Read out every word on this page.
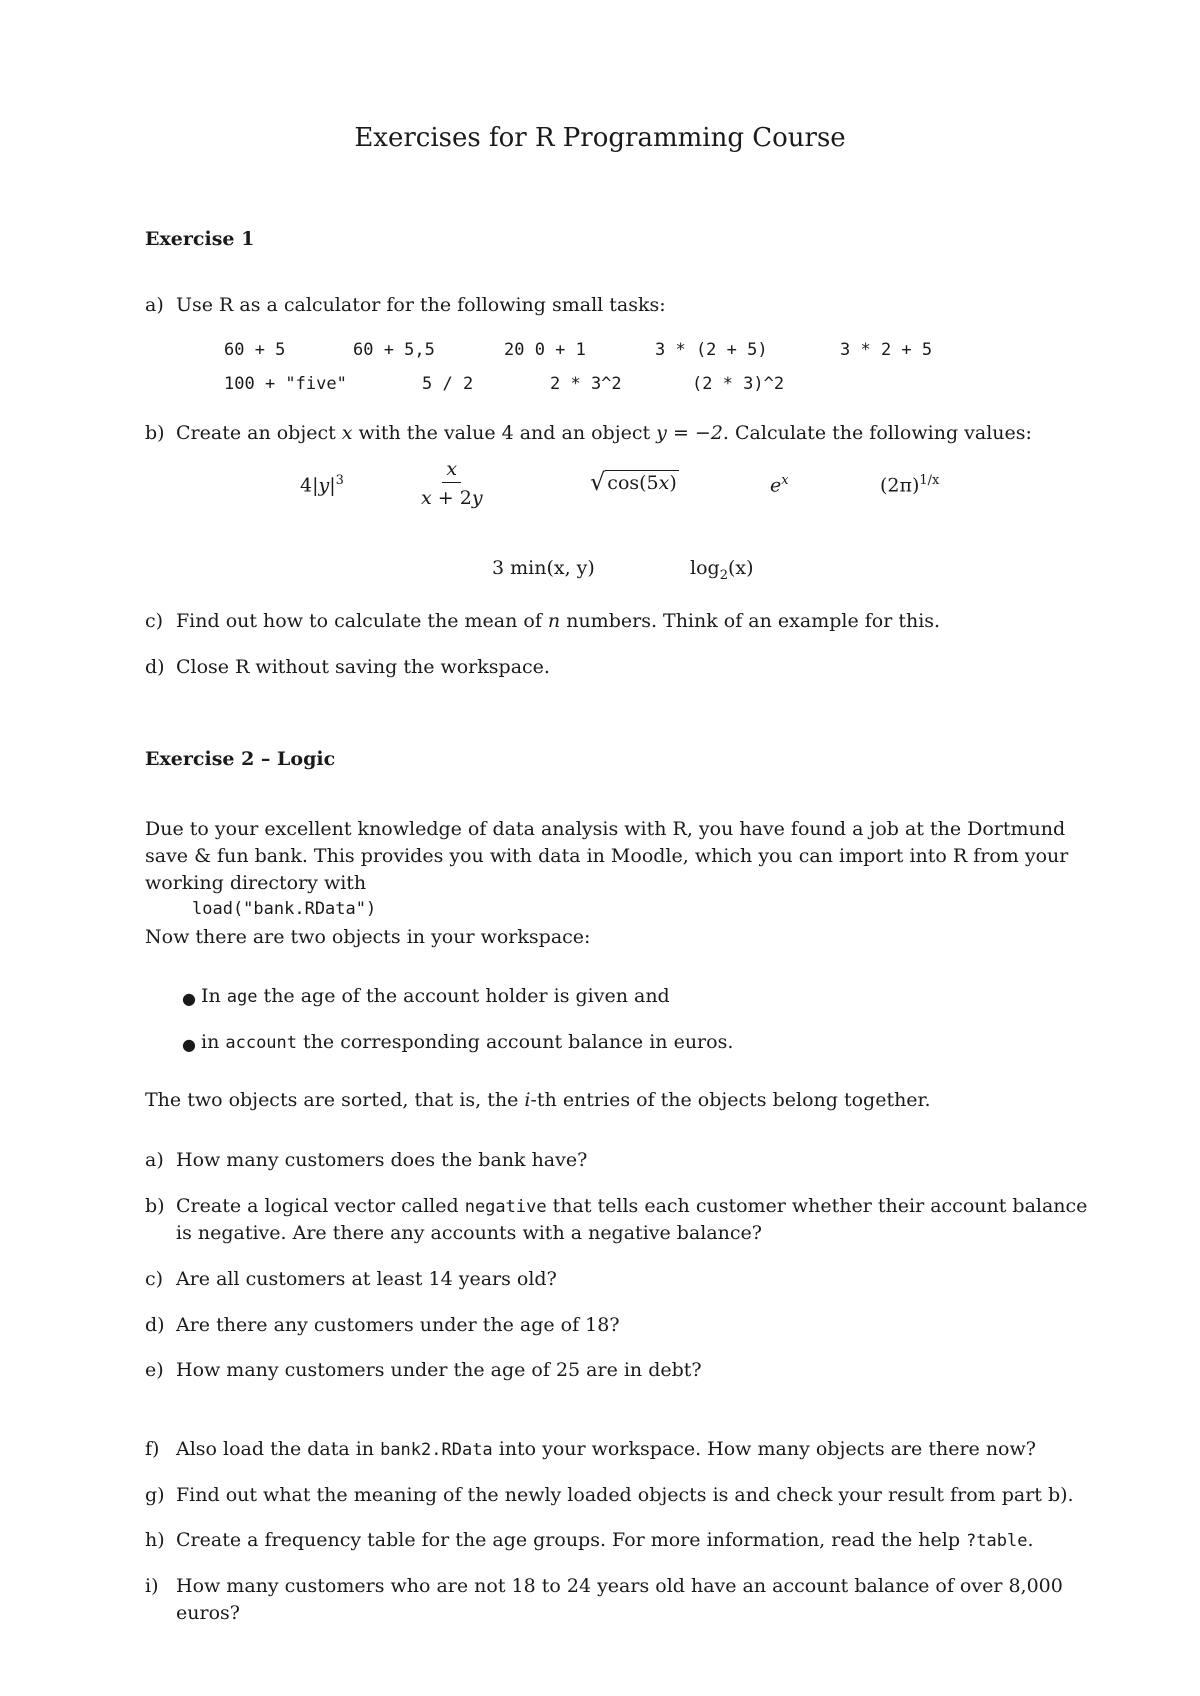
Exercises for R Programming Course
Exercise 1
a) Use R as a calculator for the following small tasks:
60 + 5	60 + 5,5	20 0 + 1	3 * (2 + 5)	3 * 2 + 5
100 + "five"	5 / 2	2 * 3^2	(2 * 3)^2
b) Create an object x with the value 4 and an object y = −2. Calculate the following values:
$4|y|^3$	$\frac{x}{x + 2y}$	√ cos(5x)	$e^x$	$(2\pi)^{1/x}$
3 min(x, y)	$\log_2(x)$
c) Find out how to calculate the mean of n numbers. Think of an example for this.
d) Close R without saving the workspace.
Exercise 2 – Logic
Due to your excellent knowledge of data analysis with R, you have found a job at the Dortmund save & fun bank. This provides you with data in Moodle, which you can import into R from your working directory with
load("bank.RData")
Now there are two objects in your workspace:
● In age the age of the account holder is given and
● in account the corresponding account balance in euros.
The two objects are sorted, that is, the i-th entries of the objects belong together.
a) How many customers does the bank have?
b) Create a logical vector called negative that tells each customer whether their account balance
is negative. Are there any accounts with a negative balance?
c) Are all customers at least 14 years old?
d) Are there any customers under the age of 18?
e) How many customers under the age of 25 are in debt?
f) Also load the data in bank2.RData into your workspace. How many objects are there now?
g) Find out what the meaning of the newly loaded objects is and check your result from part b).
h) Create a frequency table for the age groups. For more information, read the help ?table.
i) How many customers who are not 18 to 24 years old have an account balance of over 8,000
euros?
